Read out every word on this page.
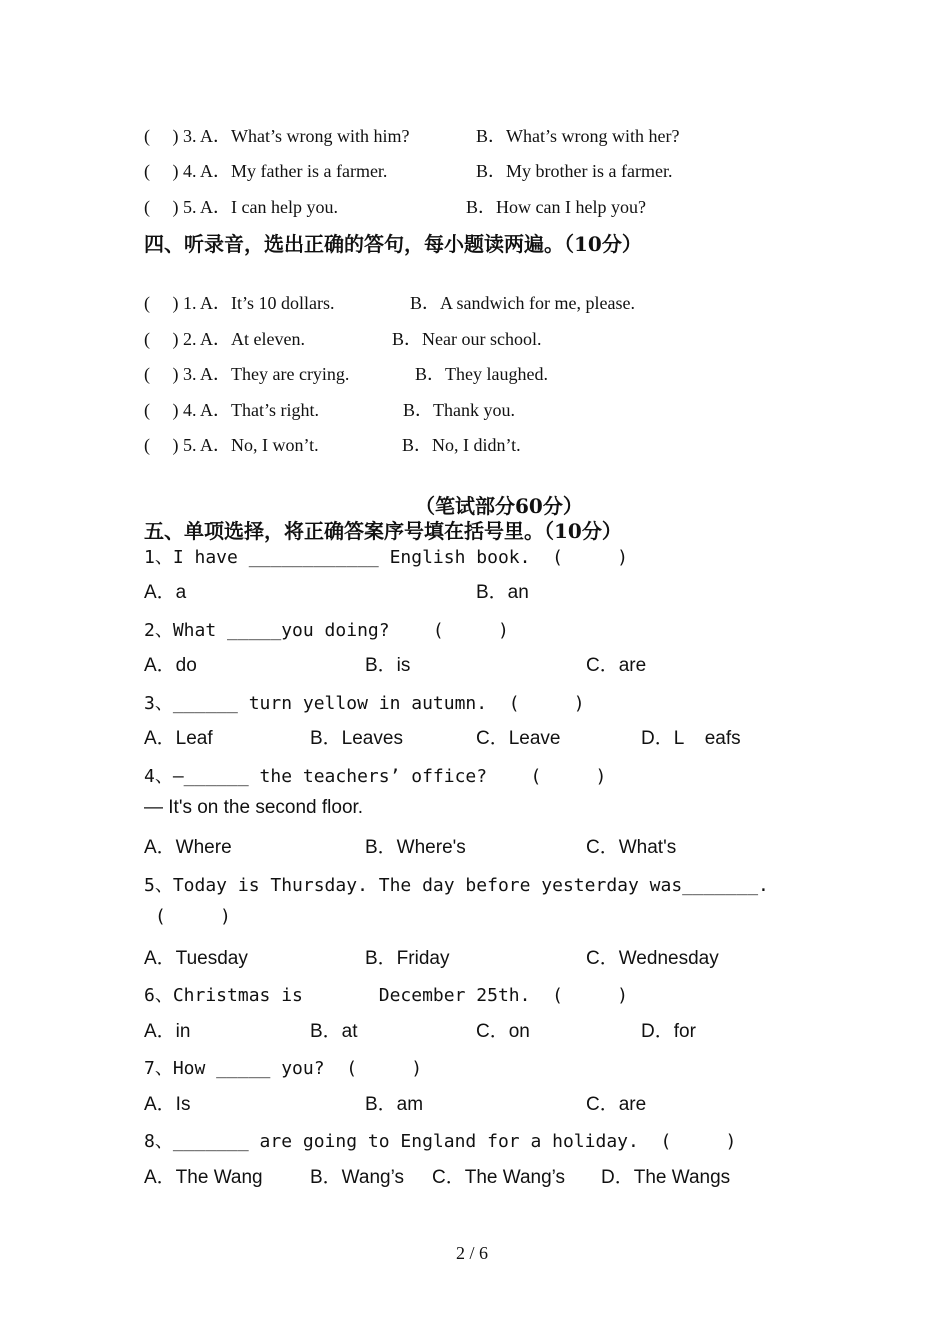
(     ) 3. A．What’s wrong with him?

	B．What’s wrong with her?

(     ) 4. A．My father is a farmer.

	B．My brother is a farmer.

(     ) 5. A．I can help you.

	B．How can I help you?

四、听录音，选出正确的答句，每小题读两遍。（10分）

(     ) 1. A．It’s 10 dollars.

	B．A sandwich for me, please.

(     ) 2. A．At eleven.

	B．Near our school.

(     ) 3. A．They are crying.

	B．They laughed.

(     ) 4. A．That’s right.

	B．Thank you.

(     ) 5. A．No, I won’t.

	B．No, I didn’t.

（笔试部分60分）
五、单项选择，将正确答案序号填在括号里。（10分）
1、I have ____________ English book.  (     )

A．a

	B．an

2、What _____you doing?    (     )

A．do

	B．is

	C．are

3、______ turn yellow in autumn.  (     )

A．Leaf

	B．Leaves

	C．Leave

	D．L    eafs

4、—______ the teachers’ office?    (     )
— It's on the second floor.

A．Where

	B．Where's

	C．What's

5、Today is Thursday. The day before yesterday was_______.
(     )

A．Tuesday

	B．Friday

	C．Wednesday

6、Christmas is       December 25th.  (     )

A．in

	B．at

	C．on

	D．for

7、How _____ you?  (     )

A．Is

	B．am

	C．are

8、_______ are going to England for a holiday.  (     )

A．The Wang

B．Wang’s

C．The Wang’s

D．The Wangs

2 / 6
